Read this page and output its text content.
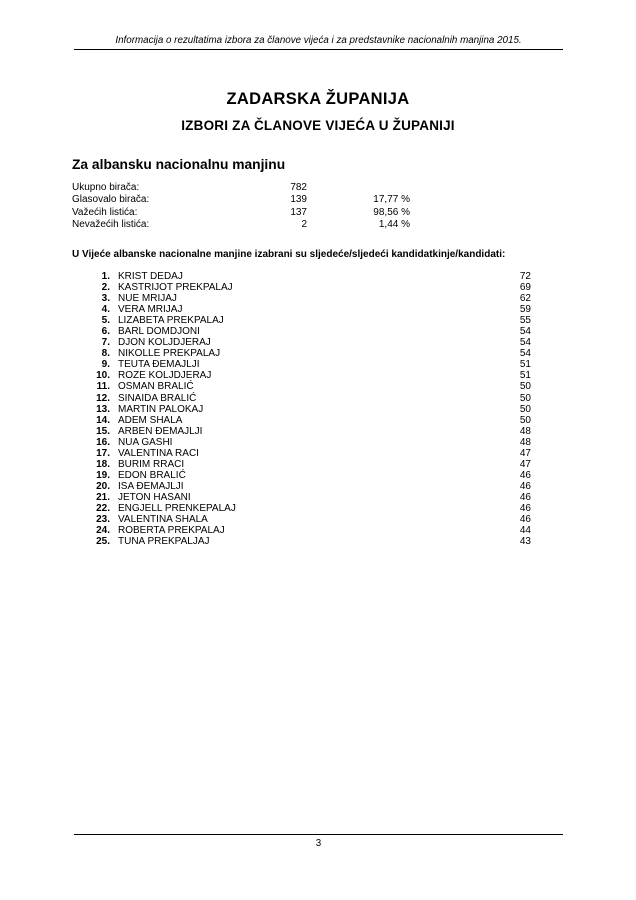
Informacija o rezultatima izbora za članove vijeća i za predstavnike nacionalnih manjina 2015.
ZADARSKA ŽUPANIJA
IZBORI ZA ČLANOVE VIJEĆA U ŽUPANIJI
Za albansku nacionalnu manjinu
Ukupno birača:	782
Glasovalo birača:	139	17,77 %
Važećih listića:	137	98,56 %
Nevažećih listića:	2	1,44 %
U Vijeće albanske nacionalne manjine izabrani su sljedeće/sljedeći kandidatkinje/kandidati:
1. KRIST DEDAJ	72
2. KASTRIJOT PREKPALAJ	69
3. NUE MRIJAJ	62
4. VERA MRIJAJ	59
5. LIZABETA PREKPALAJ	55
6. BARL DOMDJONI	54
7. DJON KOLJDJERAJ	54
8. NIKOLLE PREKPALAJ	54
9. TEUTA ĐEMAJLJI	51
10. ROZE KOLJDJERAJ	51
11. OSMAN BRALIĆ	50
12. SINAIDA BRALIĆ	50
13. MARTIN PALOKAJ	50
14. ADEM SHALA	50
15. ARBEN ĐEMAJLJI	48
16. NUA GASHI	48
17. VALENTINA RACI	47
18. BURIM RRACI	47
19. EDON BRALIĆ	46
20. ISA ĐEMAJLJI	46
21. JETON HASANI	46
22. ENGJELL PRENKEPALAJ	46
23. VALENTINA SHALA	46
24. ROBERTA PREKPALAJ	44
25. TUNA PREKPALJAJ	43
3
